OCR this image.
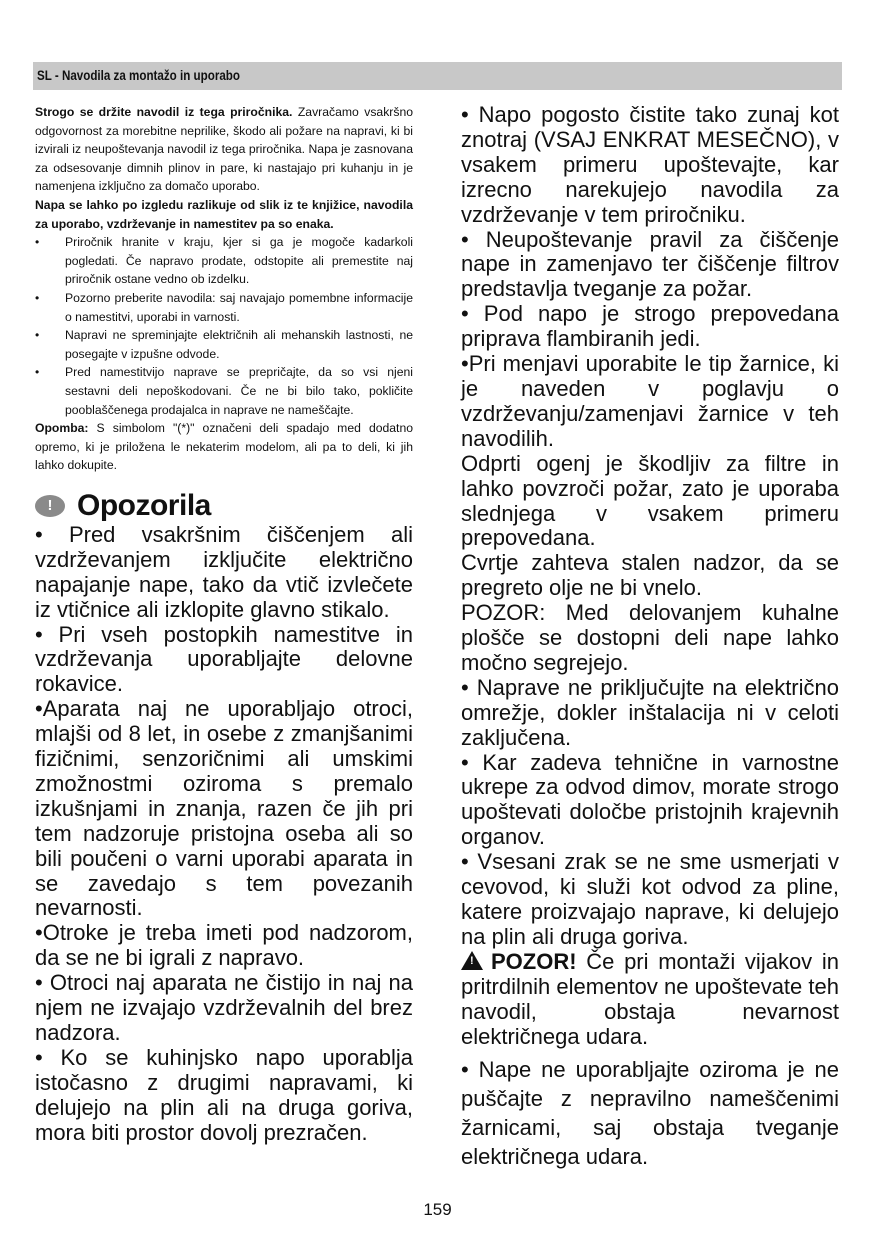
SL - Navodila za montažo in uporabo

Strogo se držite navodil iz tega priročnika. Zavračamo vsakršno odgovornost za morebitne neprilike, škodo ali požare na napravi, ki bi izvirali iz neupoštevanja navodil iz tega priročnika. Napa je zasnovana za odsesovanje dimnih plinov in pare, ki nastajajo pri kuhanju in je namenjena izključno za domačo uporabo.

Napa se lahko po izgledu razlikuje od slik iz te knjižice, navodila za uporabo, vzdrževanje in namestitev pa so enaka.

• Priročnik hranite v kraju, kjer si ga je mogoče kadarkoli pogledati. Če napravo prodate, odstopite ali premestite naj priročnik ostane vedno ob izdelku.
• Pozorno preberite navodila: saj navajajo pomembne informacije o namestitvi, uporabi in varnosti.
• Napravi ne spreminjajte električnih ali mehanskih lastnosti, ne posegajte v izpušne odvode.
• Pred namestitvijo naprave se prepričajte, da so vsi njeni sestavni deli nepoškodovani. Če ne bi bilo tako, pokličite pooblaščenega prodajalca in naprave ne nameščajte.

Opomba: S simbolom "(*)" označeni deli spadajo med dodatno opremo, ki je priložena le nekaterim modelom, ali pa to deli, ki jih lahko dokupite.

! Opozorila

• Pred vsakršnim čiščenjem ali vzdrževanjem izključite električno napajanje nape, tako da vtič izvlečete iz vtičnice ali izklopite glavno stikalo.

• Pri vseh postopkih namestitve in vzdrževanja uporabljajte delovne rokavice.

•Aparata naj ne uporabljajo otroci, mlajši od 8 let, in osebe z zmanjšanimi fizičnimi, senzoričnimi ali umskimi zmožnostmi oziroma s premalo izkušnjami in znanja, razen če jih pri tem nadzoruje pristojna oseba ali so bili poučeni o varni uporabi aparata in se zavedajo s tem povezanih nevarnosti.

•Otroke je treba imeti pod nadzorom, da se ne bi igrali z napravo.

• Otroci naj aparata ne čistijo in naj na njem ne izvajajo vzdrževalnih del brez nadzora.

• Ko se kuhinjsko napo uporablja istočasno z drugimi napravami, ki delujejo na plin ali na druga goriva, mora biti prostor dovolj prezračen.

• Napo pogosto čistite tako zunaj kot znotraj (VSAJ ENKRAT MESEČNO), v vsakem primeru upoštevajte, kar izrecno narekujejo navodila za vzdrževanje v tem priročniku.

• Neupoštevanje pravil za čiščenje nape in zamenjavo ter čiščenje filtrov predstavlja tveganje za požar.

• Pod napo je strogo prepovedana priprava flambiranih jedi.

•Pri menjavi uporabite le tip žarnice, ki je naveden v poglavju o vzdrževanju/zamenjavi žarnice v teh navodilih.

Odprti ogenj je škodljiv za filtre in lahko povzroči požar, zato je uporaba slednjega v vsakem primeru prepovedana.

Cvrtje zahteva stalen nadzor, da se pregreto olje ne bi vnelo.

POZOR: Med delovanjem kuhalne plošče se dostopni deli nape lahko močno segrejejo.

• Naprave ne priključujte na električno omrežje, dokler inštalacija ni v celoti zaključena.

• Kar zadeva tehnične in varnostne ukrepe za odvod dimov, morate strogo upoštevati določbe pristojnih krajevnih organov.

• Vsesani zrak se ne sme usmerjati v cevovod, ki služi kot odvod za pline, katere proizvajajo naprave, ki delujejo na plin ali druga goriva.

!POZOR! Če pri montaži vijakov in pritrdilnih elementov ne upoštevate teh navodil, obstaja nevarnost električnega udara.

• Nape ne uporabljajte oziroma je ne puščajte z nepravilno nameščenimi žarnicami, saj obstaja tveganje električnega udara.

159
